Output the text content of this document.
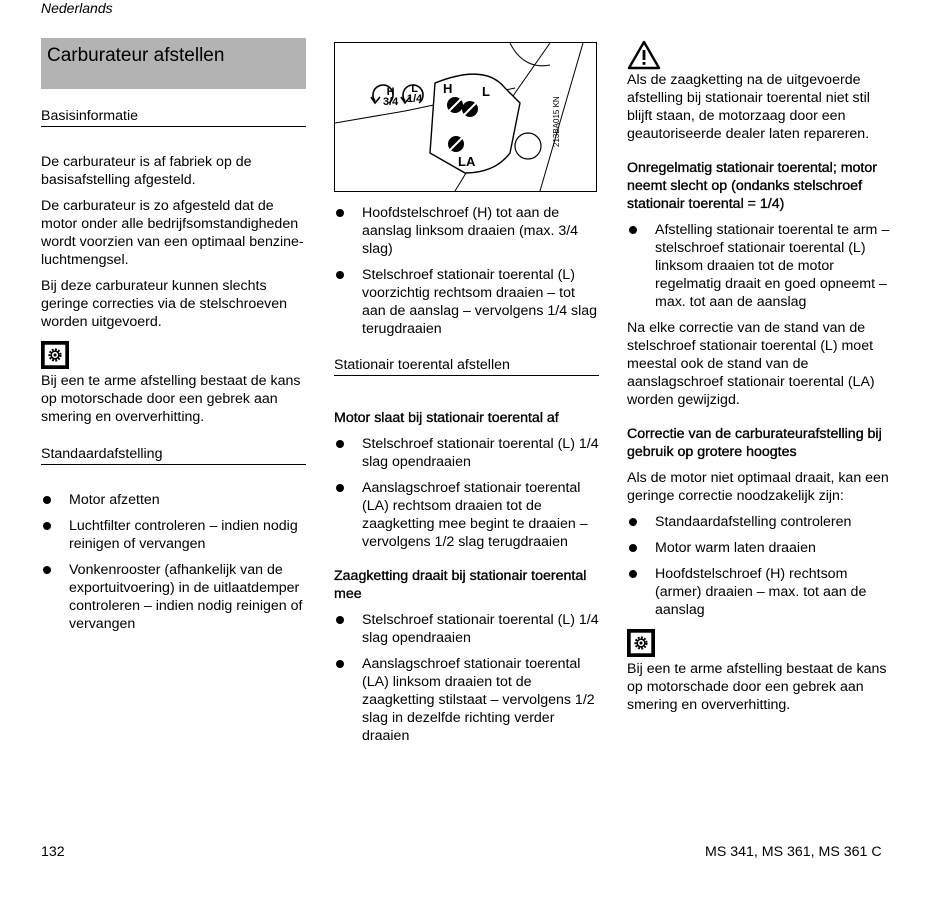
Nederlands
Carburateur afstellen
Basisinformatie

De carburateur is af fabriek op de basisafstelling afgesteld.

De carburateur is zo afgesteld dat de motor onder alle bedrijfsomstandigheden wordt voorzien van een optimaal benzine-luchtmengsel.

Bij deze carburateur kunnen slechts geringe correcties via de stelschroeven worden uitgevoerd.

Bij een te arme afstelling bestaat de kans op motorschade door een gebrek aan smering en oververhitting.

Standaardafstelling
Motor afzetten
Luchtfilter controleren – indien nodig reinigen of vervangen
Vonkenrooster (afhankelijk van de exportuitvoering) in de uitlaatdemper controleren – indien nodig reinigen of vervangen
H
3/4
L
1/4
H L
LA
213BA015 KN
Hoofdstelschroef (H) tot aan de aanslag linksom draaien (max. 3/4 slag)
Stelschroef stationair toerental (L) voorzichtig rechtsom draaien – tot aan de aanslag – vervolgens 1/4 slag terugdraaien
Stationair toerental afstellen

Motor slaat bij stationair toerental af

Stelschroef stationair toerental (L) 1/4 slag opendraaien
Aanslagschroef stationair toerental (LA) rechtsom draaien tot de zaagketting mee begint te draaien – vervolgens 1/2 slag terugdraaien

Zaagketting draait bij stationair toerental mee

Stelschroef stationair toerental (L) 1/4 slag opendraaien
Aanslagschroef stationair toerental (LA) linksom draaien tot de zaagketting stilstaat – vervolgens 1/2 slag in dezelfde richting verder draaien

Als de zaagketting na de uitgevoerde afstelling bij stationair toerental niet stil blijft staan, de motorzaag door een geautoriseerde dealer laten repareren.

Onregelmatig stationair toerental; motor neemt slecht op (ondanks stelschroef stationair toerental = 1/4)

Afstelling stationair toerental te arm – stelschroef stationair toerental (L) linksom draaien tot de motor regelmatig draait en goed opneemt – max. tot aan de aanslag

Na elke correctie van de stand van de stelschroef stationair toerental (L) moet meestal ook de stand van de aanslagschroef stationair toerental (LA) worden gewijzigd.

Correctie van de carburateurafstelling bij gebruik op grotere hoogtes

Als de motor niet optimaal draait, kan een geringe correctie noodzakelijk zijn:

Standaardafstelling controleren
Motor warm laten draaien
Hoofdstelschroef (H) rechtsom (armer) draaien – max. tot aan de aanslag

Bij een te arme afstelling bestaat de kans op motorschade door een gebrek aan smering en oververhitting.

132	MS 341, MS 361, MS 361 C
